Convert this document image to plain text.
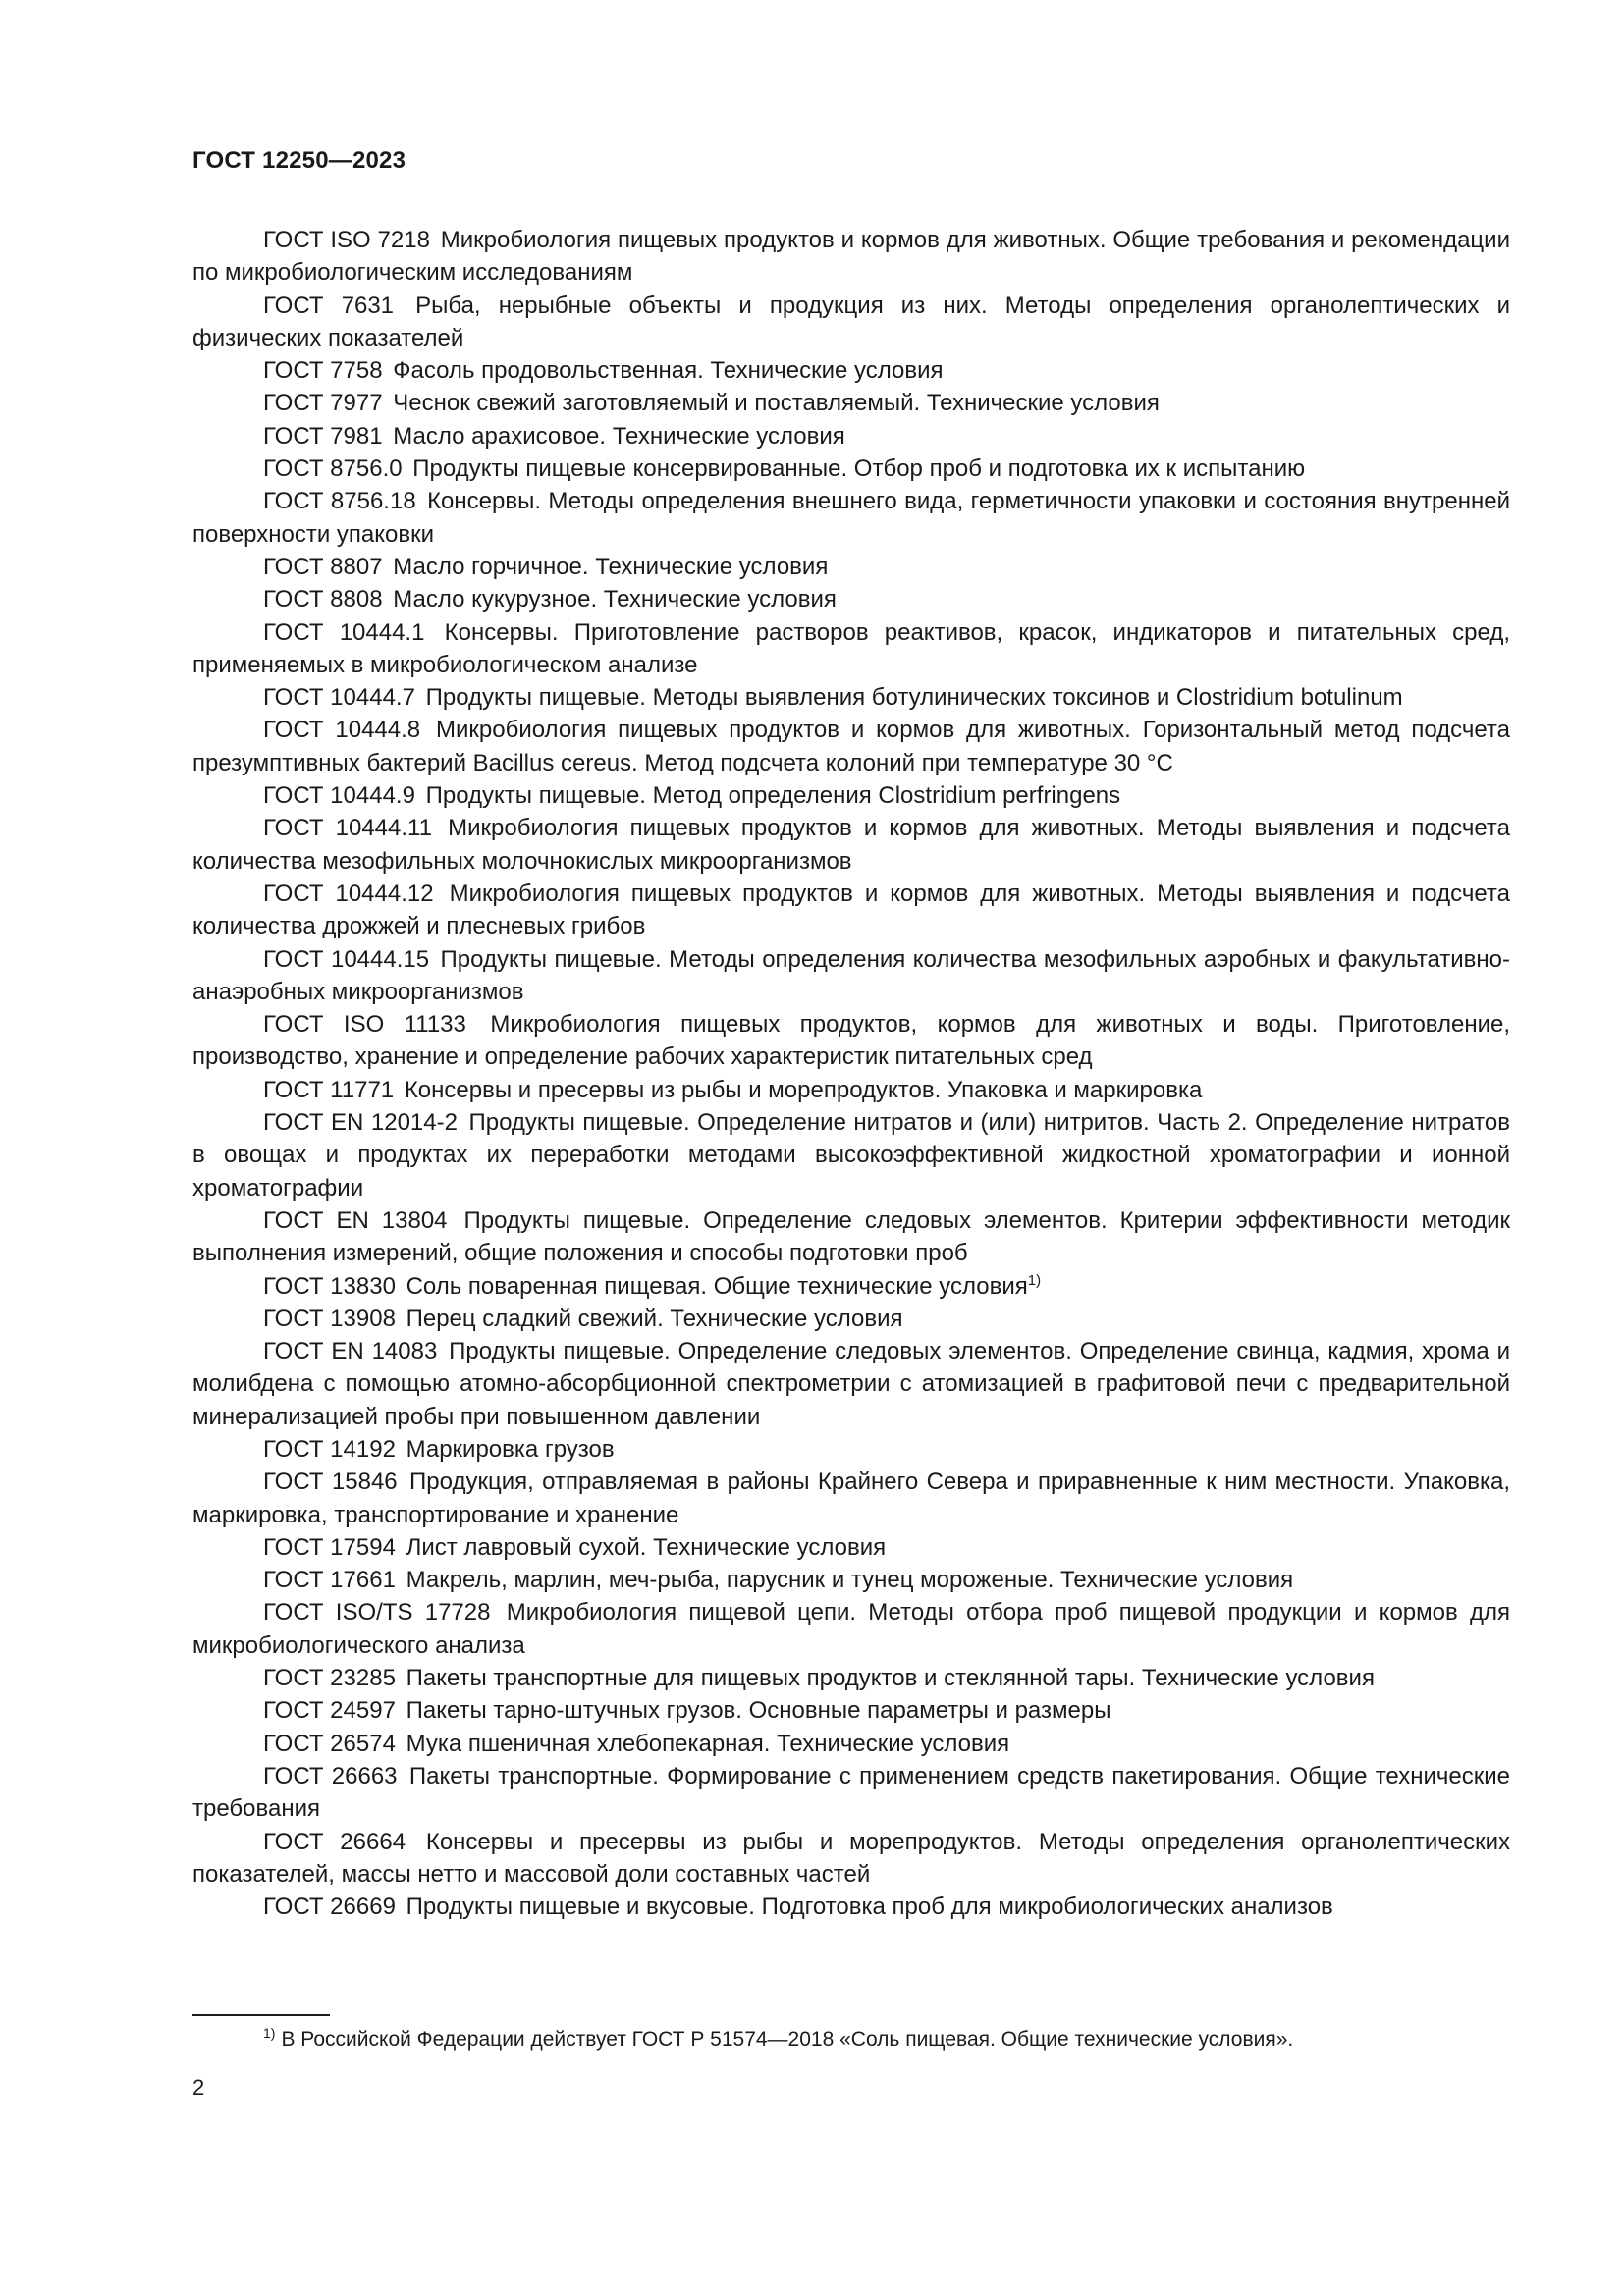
ГОСТ 12250—2023

ГОСТ ISO 7218 Микробиология пищевых продуктов и кормов для животных. Общие требования и рекомендации по микробиологическим исследованиям

ГОСТ 7631 Рыба, нерыбные объекты и продукция из них. Методы определения органолептических и физических показателей

ГОСТ 7758 Фасоль продовольственная. Технические условия

ГОСТ 7977 Чеснок свежий заготовляемый и поставляемый. Технические условия

ГОСТ 7981 Масло арахисовое. Технические условия

ГОСТ 8756.0 Продукты пищевые консервированные. Отбор проб и подготовка их к испытанию

ГОСТ 8756.18 Консервы. Методы определения внешнего вида, герметичности упаковки и состояния внутренней поверхности упаковки

ГОСТ 8807 Масло горчичное. Технические условия

ГОСТ 8808 Масло кукурузное. Технические условия

ГОСТ 10444.1 Консервы. Приготовление растворов реактивов, красок, индикаторов и питательных сред, применяемых в микробиологическом анализе

ГОСТ 10444.7 Продукты пищевые. Методы выявления ботулинических токсинов и Clostridium botulinum

ГОСТ 10444.8 Микробиология пищевых продуктов и кормов для животных. Горизонтальный метод подсчета презумптивных бактерий Bacillus cereus. Метод подсчета колоний при температуре 30 °С

ГОСТ 10444.9 Продукты пищевые. Метод определения Clostridium perfringens

ГОСТ 10444.11 Микробиология пищевых продуктов и кормов для животных. Методы выявления и подсчета количества мезофильных молочнокислых микроорганизмов

ГОСТ 10444.12 Микробиология пищевых продуктов и кормов для животных. Методы выявления и подсчета количества дрожжей и плесневых грибов

ГОСТ 10444.15 Продукты пищевые. Методы определения количества мезофильных аэробных и факультативно-анаэробных микроорганизмов

ГОСТ ISO 11133 Микробиология пищевых продуктов, кормов для животных и воды. Приготовление, производство, хранение и определение рабочих характеристик питательных сред

ГОСТ 11771 Консервы и пресервы из рыбы и морепродуктов. Упаковка и маркировка

ГОСТ EN 12014-2 Продукты пищевые. Определение нитратов и (или) нитритов. Часть 2. Определение нитратов в овощах и продуктах их переработки методами высокоэффективной жидкостной хроматографии и ионной хроматографии

ГОСТ EN 13804 Продукты пищевые. Определение следовых элементов. Критерии эффективности методик выполнения измерений, общие положения и способы подготовки проб

ГОСТ 13830 Соль поваренная пищевая. Общие технические условия$^{1)}$

ГОСТ 13908 Перец сладкий свежий. Технические условия

ГОСТ EN 14083 Продукты пищевые. Определение следовых элементов. Определение свинца, кадмия, хрома и молибдена с помощью атомно-абсорбционной спектрометрии с атомизацией в графитовой печи с предварительной минерализацией пробы при повышенном давлении

ГОСТ 14192 Маркировка грузов

ГОСТ 15846 Продукция, отправляемая в районы Крайнего Севера и приравненные к ним местности. Упаковка, маркировка, транспортирование и хранение

ГОСТ 17594 Лист лавровый сухой. Технические условия

ГОСТ 17661 Макрель, марлин, меч-рыба, парусник и тунец мороженые. Технические условия

ГОСТ ISO/TS 17728 Микробиология пищевой цепи. Методы отбора проб пищевой продукции и кормов для микробиологического анализа

ГОСТ 23285 Пакеты транспортные для пищевых продуктов и стеклянной тары. Технические условия

ГОСТ 24597 Пакеты тарно-штучных грузов. Основные параметры и размеры

ГОСТ 26574 Мука пшеничная хлебопекарная. Технические условия

ГОСТ 26663 Пакеты транспортные. Формирование с применением средств пакетирования. Общие технические требования

ГОСТ 26664 Консервы и пресервы из рыбы и морепродуктов. Методы определения органолептических показателей, массы нетто и массовой доли составных частей

ГОСТ 26669 Продукты пищевые и вкусовые. Подготовка проб для микробиологических анализов

$^{1)}$ В Российской Федерации действует ГОСТ Р 51574—2018 «Соль пищевая. Общие технические условия».
2
